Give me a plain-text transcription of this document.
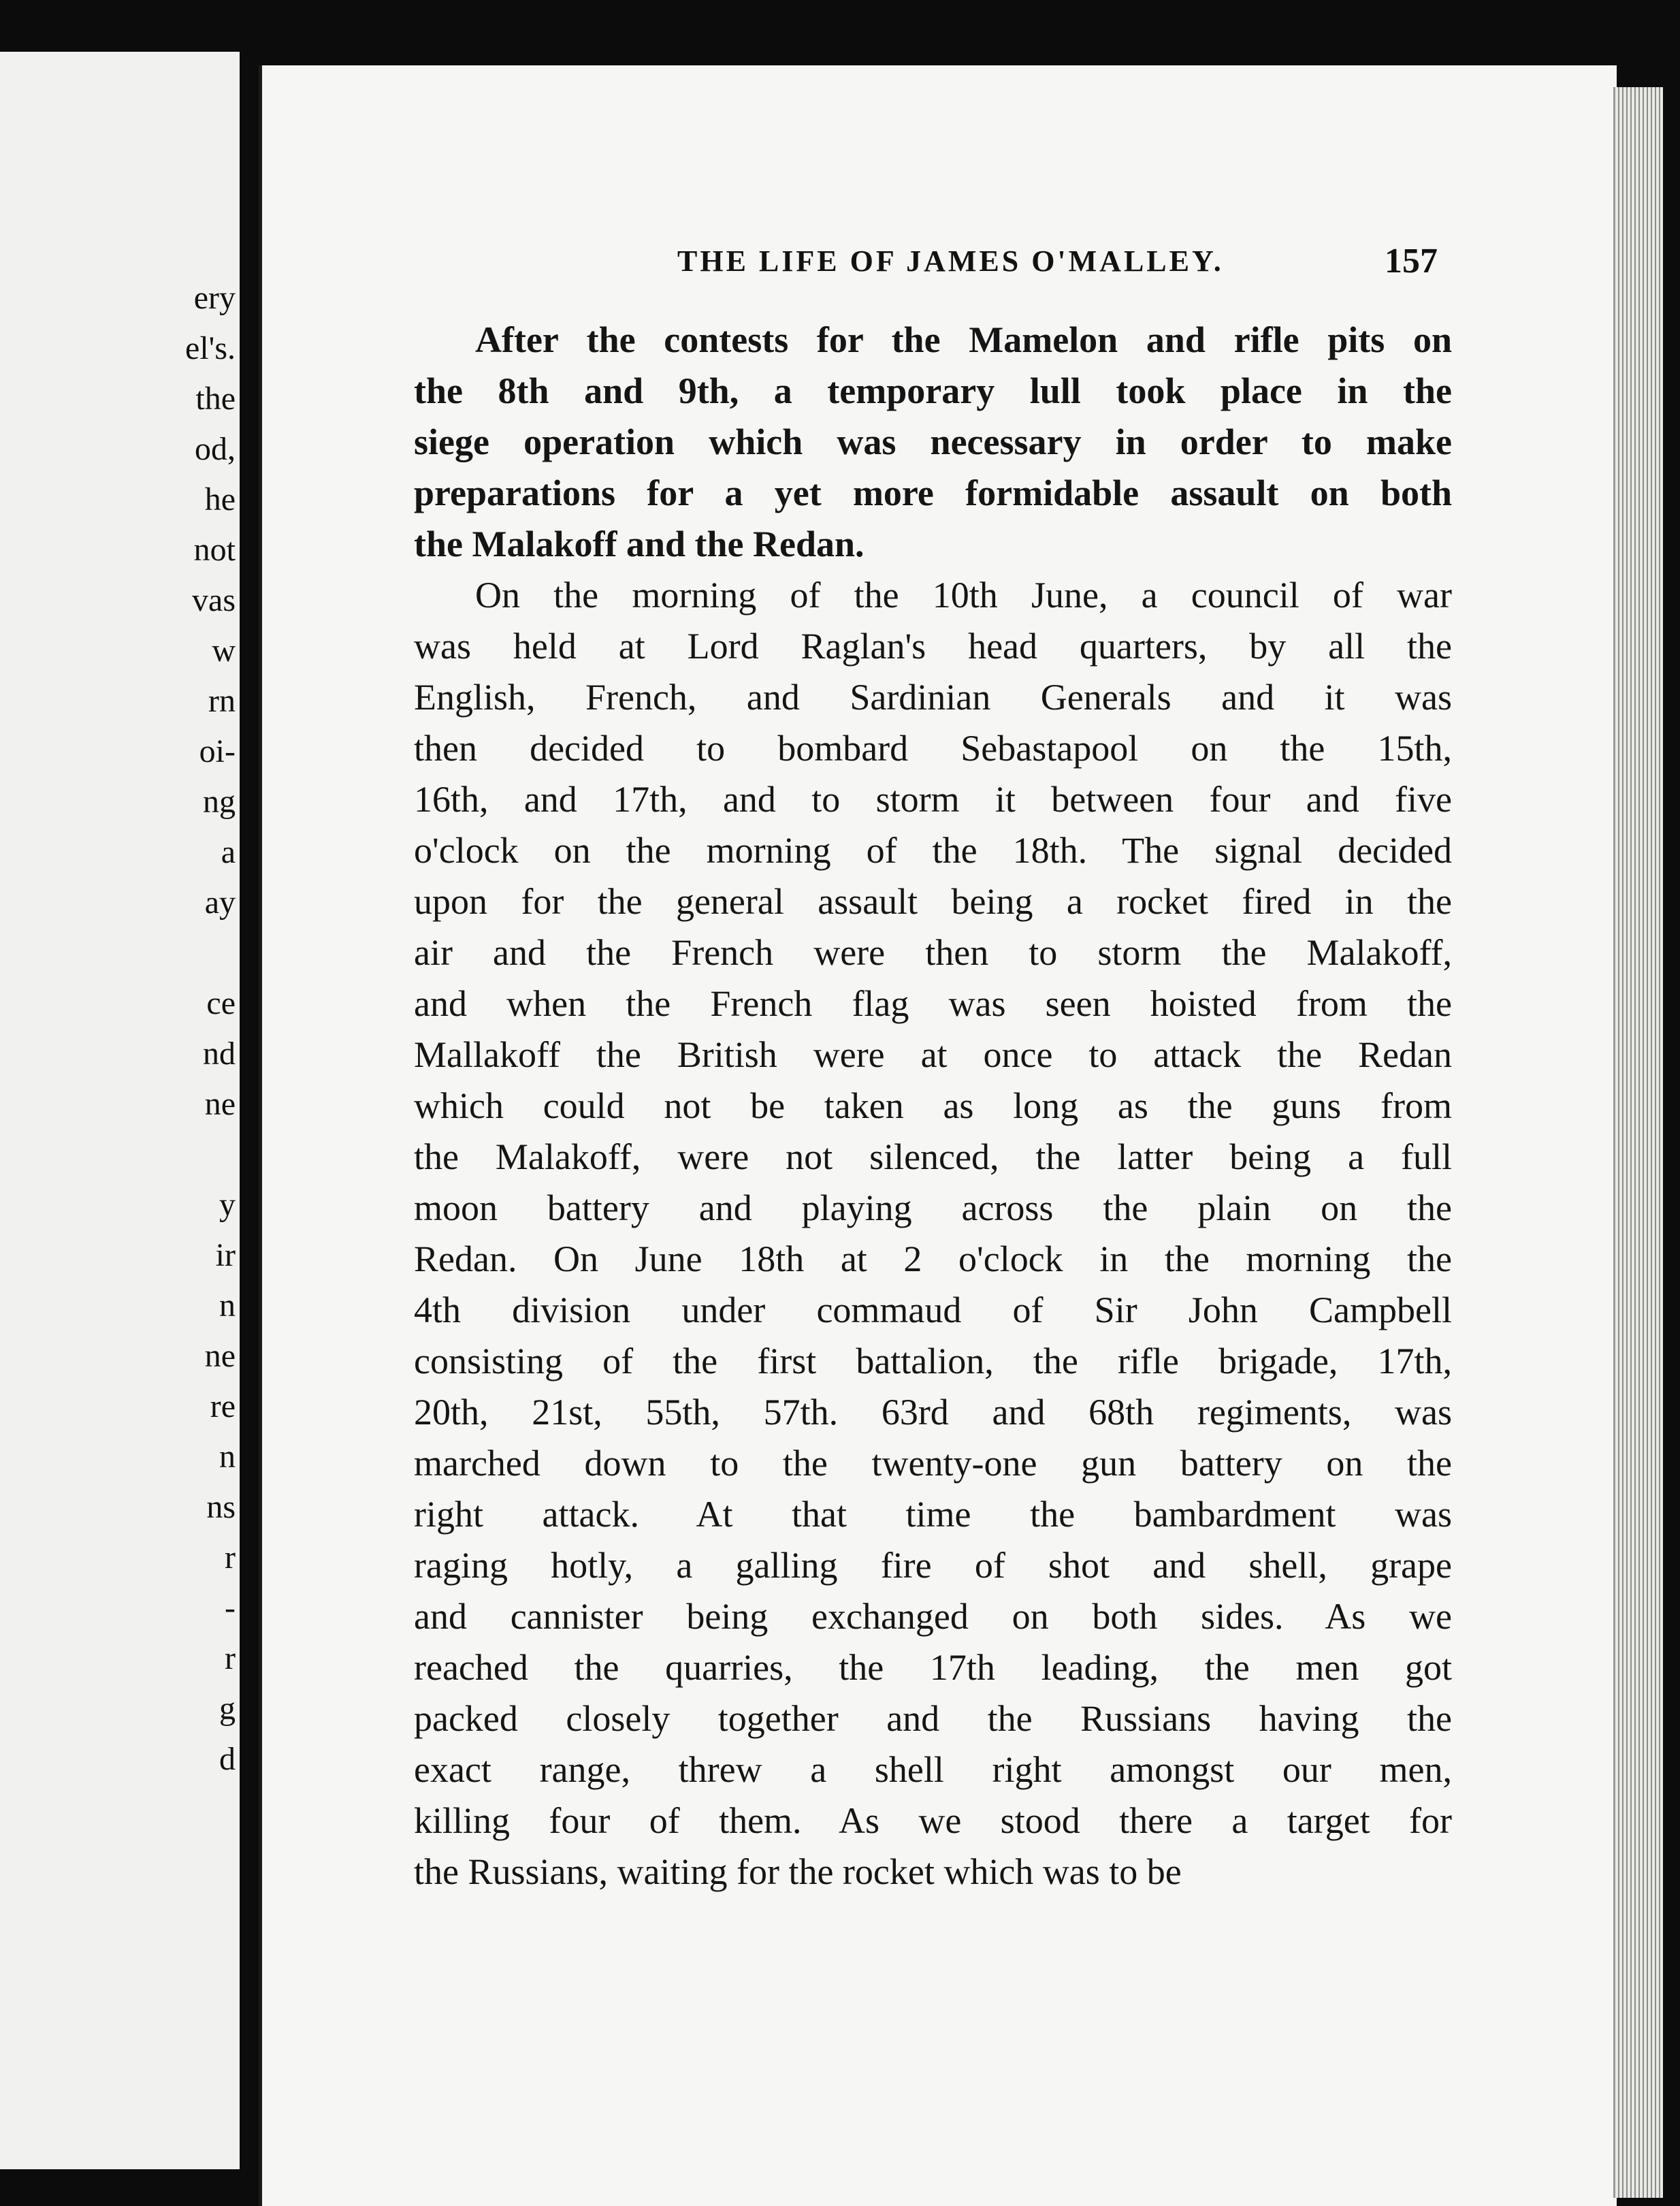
ery
el's.
the
od,
he
not
vas
w
rn
oi-
ng
a
ay
ce
nd
ne
y
ir
n
ne
re
n
ns
r
-
r
g
d
THE LIFE OF JAMES O'MALLEY.	157
After the contests for the Mamelon and rifle pits on
the 8th and 9th, a temporary lull took place in the
siege operation which was necessary in order to make
preparations for a yet more formidable assault on both
the Malakoff and the Redan.
On the morning of the 10th June, a council of war
was held at Lord Raglan's head quarters, by all the
English, French, and Sardinian Generals and it was
then decided to bombard Sebastapool on the 15th,
16th, and 17th, and to storm it between four and five
o'clock on the morning of the 18th. The signal decided
upon for the general assault being a rocket fired in the
air and the French were then to storm the Malakoff,
and when the French flag was seen hoisted from the
Mallakoff the British were at once to attack the Redan
which could not be taken as long as the guns from
the Malakoff, were not silenced, the latter being a full
moon battery and playing across the plain on the
Redan. On June 18th at 2 o'clock in the morning the
4th division under commaud of Sir John Campbell
consisting of the first battalion, the rifle brigade, 17th,
20th, 21st, 55th, 57th. 63rd and 68th regiments, was
marched down to the twenty-one gun battery on the
right attack. At that time the bambardment was
raging hotly, a galling fire of shot and shell, grape
and cannister being exchanged on both sides. As we
reached the quarries, the 17th leading, the men got
packed closely together and the Russians having the
exact range, threw a shell right amongst our men,
killing four of them. As we stood there a target for
the Russians, waiting for the rocket which was to be
